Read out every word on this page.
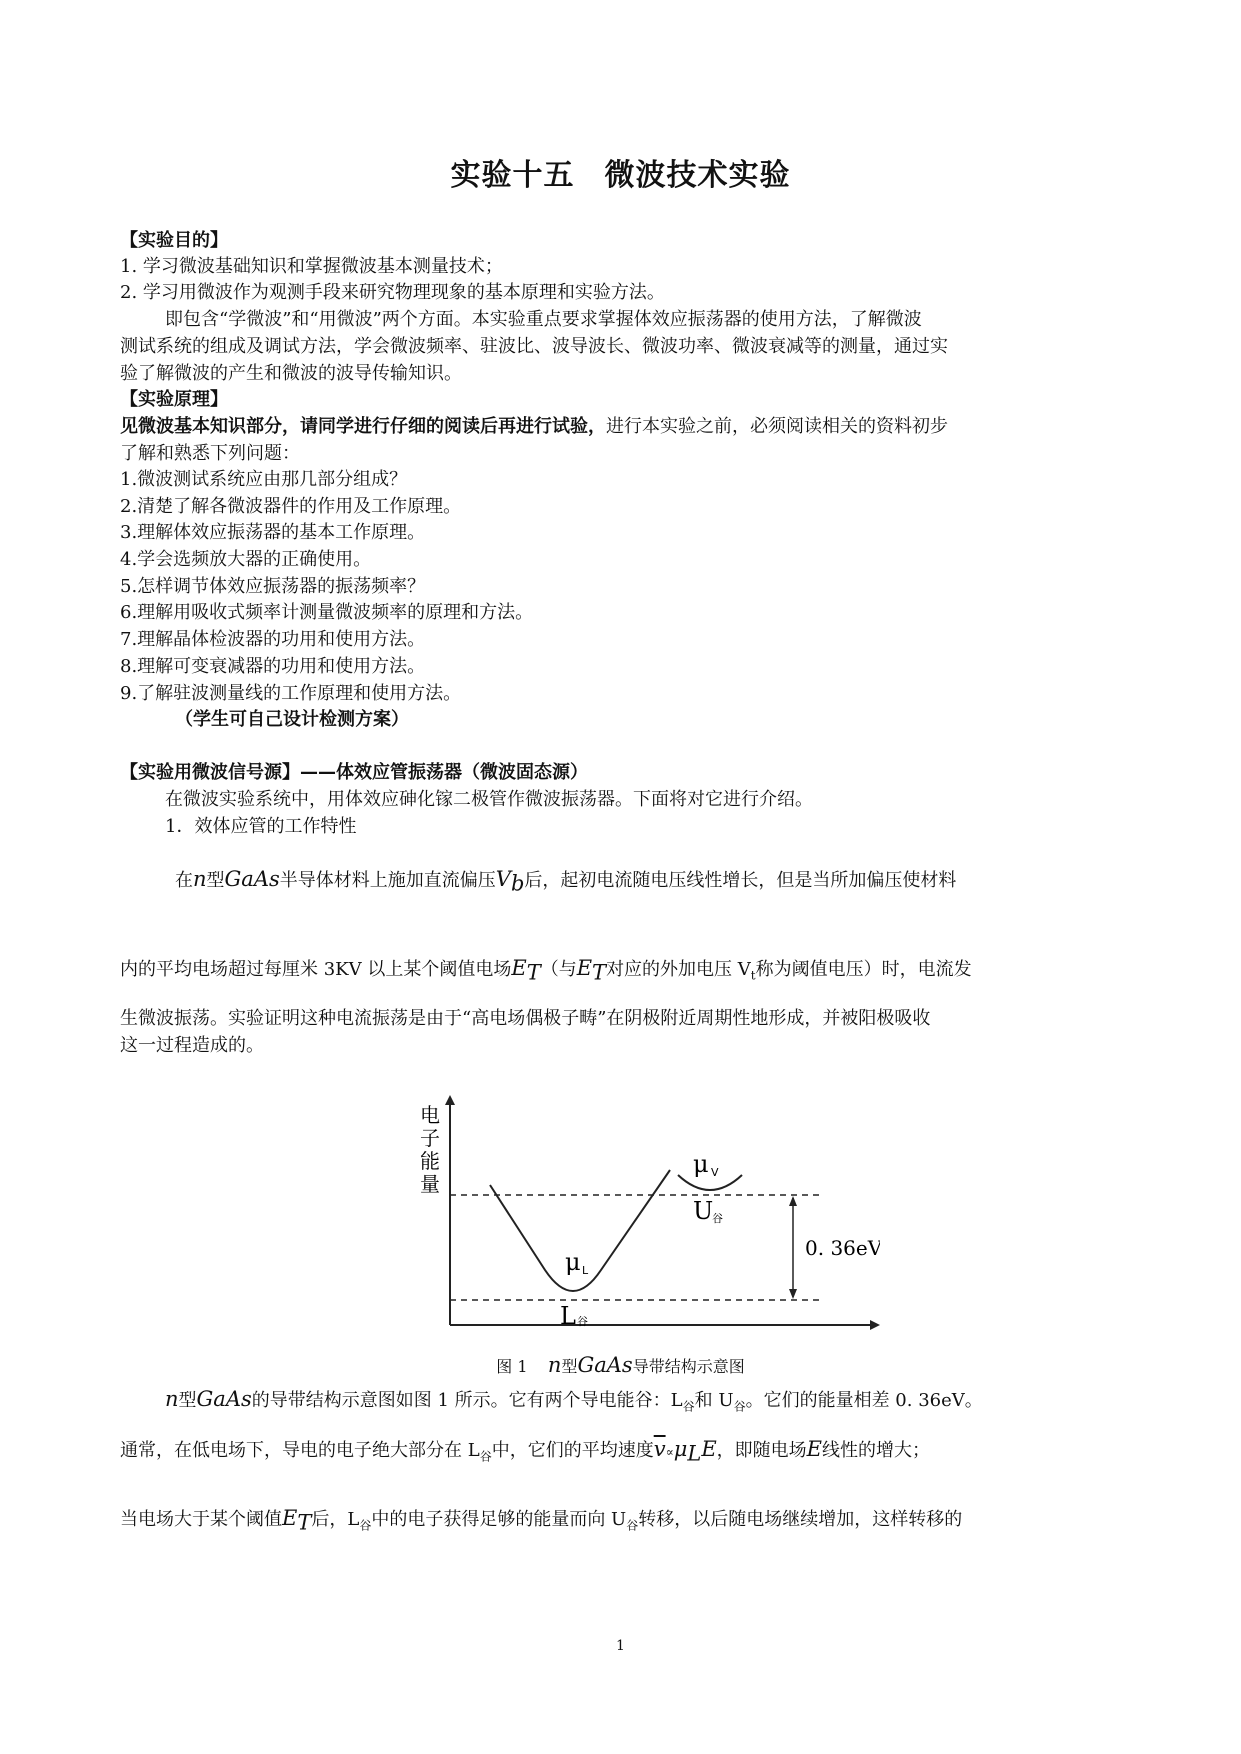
实验十五 微波技术实验
【实验目的】
1. 学习微波基础知识和掌握微波基本测量技术；
2. 学习用微波作为观测手段来研究物理现象的基本原理和实验方法。
即包含“学微波”和“用微波”两个方面。本实验重点要求掌握体效应振荡器的使用方法，了解微波
测试系统的组成及调试方法，学会微波频率、驻波比、波导波长、微波功率、微波衰减等的测量，通过实
验了解微波的产生和微波的波导传输知识。
【实验原理】
见微波基本知识部分，请同学进行仔细的阅读后再进行试验，进行本实验之前，必须阅读相关的资料初步
了解和熟悉下列问题：
1.微波测试系统应由那几部分组成？
2.清楚了解各微波器件的作用及工作原理。
3.理解体效应振荡器的基本工作原理。
4.学会选频放大器的正确使用。
5.怎样调节体效应振荡器的振荡频率？
6.理解用吸收式频率计测量微波频率的原理和方法。
7.理解晶体检波器的功用和使用方法。
8.理解可变衰减器的功用和使用方法。
9.了解驻波测量线的工作原理和使用方法。
（学生可自己设计检测方案）
【实验用微波信号源】——体效应管振荡器（微波固态源）
在微波实验系统中，用体效应砷化镓二极管作微波振荡器。下面将对它进行介绍。
1．效体应管的工作特性
在n型GaAs半导体材料上施加直流偏压$V_b$后，起初电流随电压线性增长，但是当所加偏压使材料
内的平均电场超过每厘米 3KV 以上某个阈值电场$E_T$（与$E_T$对应的外加电压 $V_t$称为阈值电压）时，电流发
生微波振荡。实验证明这种电流振荡是由于“高电场偶极子畴”在阴极附近周期性地形成，并被阳极吸收
这一过程造成的。
电
子
能
量
μ V
U
谷
μ L
L 谷
0. 36eV
图 1 n型GaAs导带结构示意图
n型GaAs的导带结构示意图如图 1 所示。它有两个导电能谷：$L_谷$和 $U_谷$。它们的能量相差 0. 36eV。
通常，在低电场下，导电的电子绝大部分在 $L_谷$中，它们的平均速度$\overline{v}\propto\mu_LE$，即随电场E线性的增大；
当电场大于某个阈值$E_T$后，$L_谷$中的电子获得足够的能量而向 $U_谷$转移，以后随电场继续增加，这样转移的
1
